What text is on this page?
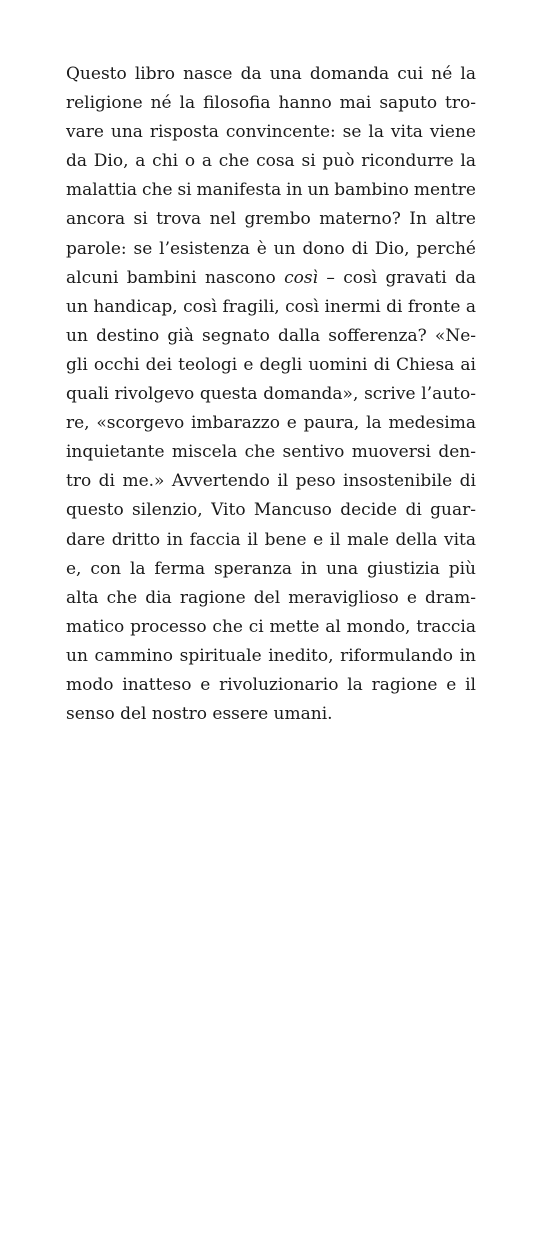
Questo libro nasce da una domanda cui né la
religione né la filosofia hanno mai saputo tro-
vare una risposta convincente: se la vita viene
da Dio, a chi o a che cosa si può ricondurre la
malattia che si manifesta in un bambino mentre
ancora si trova nel grembo materno? In altre
parole: se l’esistenza è un dono di Dio, perché
alcuni bambini nascono così – così gravati da
un handicap, così fragili, così inermi di fronte a
un destino già segnato dalla sofferenza? «Ne-
gli occhi dei teologi e degli uomini di Chiesa ai
quali rivolgevo questa domanda», scrive l’auto-
re, «scorgevo imbarazzo e paura, la medesima
inquietante miscela che sentivo muoversi den-
tro di me.» Avvertendo il peso insostenibile di
questo silenzio, Vito Mancuso decide di guar-
dare dritto in faccia il bene e il male della vita
e, con la ferma speranza in una giustizia più
alta che dia ragione del meraviglioso e dram-
matico processo che ci mette al mondo, traccia
un cammino spirituale inedito, riformulando in
modo inatteso e rivoluzionario la ragione e il
senso del nostro essere umani.
